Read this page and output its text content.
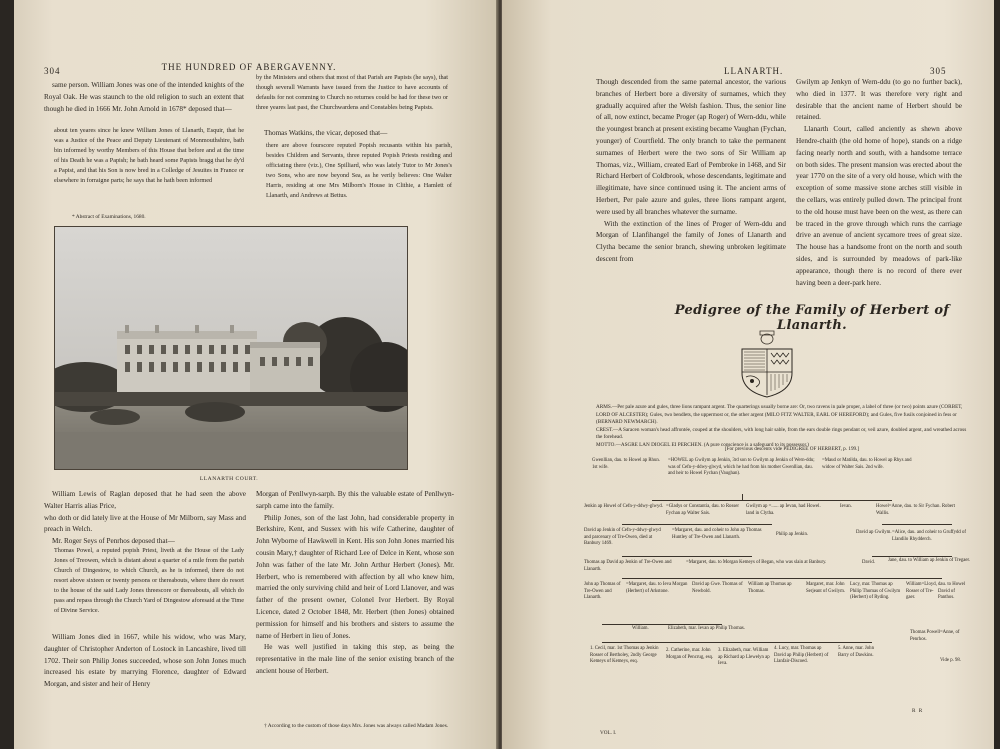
304	THE HUNDRED OF ABERGAVENNY.

same person. William Jones was one of the intended knights of the Royal Oak. He was staunch to the old religion to such an extent that though he died in 1666 Mr. John Arnold in 1678* deposed that—

about ten yeares since he knew William Jones of Llanarth, Esquir, that he was a Justice of the Peace and Deputy Lieutenant of Monmouthshire, bath bin informed by worthy Members of this House that before and at the time of his Death he was a Papish; he bath heard some Papists bragg that he dy'd a Papist, and that his Son is now bred in a Colledge of Jesuites in France or elsewhere in forraigne parts; he says that he hath been informed
* Abstract of Examinations, 1680.
by the Ministers and others that most of that Parish are Papists (he says), that though severall Warrants have issued from the Justice to have accounts of defaults for not comming to Church no returnes could be had for these two or three yeares last past, the Churchwardens and Constables being Papists.

Thomas Watkins, the vicar, deposed that—

there are above fourscore reputed Popish recusants within his parish, besides Children and Servants, three reputed Popish Priests residing and officiating there (viz.), One Spilliard, who was lately Tutor to Mr Jones's two Sons, who are now beyond Sea, as he verily believes: One Walter Harris, residing at one Mrs Milborn's House in Clithie, a Hamlett of Llanarth, and Andrews at Bettus.
LLANARTH COURT.

William Lewis of Raglan deposed that he had seen the above Walter Harris alias Price,

who doth or did lately live at the House of Mr Milborn, say Mass and preach in Welch.

Mr. Roger Seys of Penrhos deposed that—

Thomas Powel, a reputed popish Priest, liveth at the House of the Lady Jones of Treowen, which is distant about a quarter of a mile from the parish Church of Dingestow, to which Church, as he is informed, there do not resort above sixteen or twenty persons or thereabouts, where there do resort to the house of the said Lady Jones threescore or thereabouts, all which do pass and repass through the Church Yard of Dingestow aforesaid at the Time of Divine Service.

William Jones died in 1667, while his widow, who was Mary, daughter of Christopher Anderton of Lostock in Lancashire, lived till 1702. Their son Philip Jones succeeded, whose son John Jones much increased his estate by marrying Florence, daughter of Edward Morgan, and sister and heir of Henry

Morgan of Penllwyn-sarph. By this the valuable estate of Penllwyn-sarph came into the family.

Philip Jones, son of the last John, had considerable property in Berkshire, Kent, and Sussex with his wife Catherine, daughter of John Wyborne of Hawkwell in Kent. His son John Jones married his cousin Mary,† daughter of Richard Lee of Delce in Kent, whose son John was father of the late Mr. John Arthur Herbert (Jones). Mr. Herbert, who is remembered with affection by all who knew him, married the only surviving child and heir of Lord Llanover, and was father of the present owner, Colonel Ivor Herbert. By Royal Licence, dated 2 October 1848, Mr. Herbert (then Jones) obtained permission for himself and his brothers and sisters to assume the name of Herbert in lieu of Jones.

He was well justified in taking this step, as being the representative in the male line of the senior existing branch of the ancient house of Herbert.

† According to the custom of those days Mrs. Jones was always called Madam Jones.
LLANARTH.	305

Though descended from the same paternal ancestor, the various branches of Herbert bore a diversity of surnames, which they gradually acquired after the Welsh fashion. Thus, the senior line of all, now extinct, became Proger (ap Roger) of Wern-ddu, while the youngest branch at present existing became Vaughan (Fychan, younger) of Courtfield. The only branch to take the permanent surnames of Herbert were the two sons of Sir William ap Thomas, viz., William, created Earl of Pembroke in 1468, and Sir Richard Herbert of Coldbrook, whose descendants, legitimate and illegitimate, have since continued using it. The ancient arms of Herbert, Per pale azure and gules, three lions rampant argent, were used by all branches whatever the surname.

With the extinction of the lines of Proger of Wern-ddu and Morgan of Llanfihangel the family of Jones of Llanarth and Clytha became the senior branch, shewing unbroken legitimate descent from

Gwilym ap Jenkyn of Wern-ddu (to go no further back), who died in 1377. It was therefore very right and desirable that the ancient name of Herbert should be retained.

Llanarth Court, called anciently as shewn above Hendre-chaith (the old home of hope), stands on a ridge facing nearly north and south, with a handsome terrace on both sides. The present mansion was erected about the year 1770 on the site of a very old house, which with the exception of some massive stone arches still visible in the cellars, was entirely pulled down. The principal front to the old house must have been on the west, as there can be traced in the grove through which runs the carriage drive an avenue of ancient sycamore trees of great size. The house has a handsome front on the north and south sides, and is surrounded by meadows of park-like appearance, though there is no record of there ever having been a deer-park here.

Pedigree of the Family of Herbert of Llanarth.
ARMS.—Per pale azure and gules, three lions rampant argent. The quarterings usually borne are: Or, two ravens in pale proper, a label of three (or two) points azure (CORBET, LORD OF ALCESTER); Gules, two bendlets, the uppermost or, the other argent (MILO FITZ WALTER, EARL OF HEREFORD); and Gules, five fusils conjoined in fess or (BERNARD NEWMARCH).
CREST.—A Saracen woman's head affrontée, couped at the shoulders, with long hair sable, from the ears double rings pendant or, veil azure, doubled argent, and wreathed across the forehead.
MOTTO.—ASGRE LAN DIOGEL EI PERCHEN. (A pure conscience is a safeguard to its possessor.)
[For previous descents vide PEDIGREE OF HERBERT, p. 199.]
Gwenllian, dau. to Howel ap Rhun. 1st wife.
=HOWEL ap Gwilym ap Jenkin, 3rd son to Gwilym ap Jenkin of Wern-ddu; was of Cefn-y-ddwy-glwyd, which he had from his mother Gwenllian, dau. and heir to Howel Fychan (Vaughan).
=Maud or Matilda, dau. to Howel ap Rhys and widow of Walter Sais. 2nd wife.
Jenkin ap Howel of Cefn-y-ddwy-glwyd. =Gladys or Constantia, dau. to Rosser Fychan ap Walter Sais.
Gwilym ap =...... ap Ievan, had Howel. land in Clytha.
Ievan.	Howel=Anne, dau. to Sir Fychan. Robert Wallis.
David ap Jenkin of Cefn-y-ddwy-glwyd and parcenary of Tre-Owen, died at Banbury 1469.
=Margaret, dau. and coheir to John ap Thomas Huntley of Tre-Owen and Llanarth.
Philip ap Jenkin.	David ap Gwilym. =Alice, dau. and coheir to Gruffydd of Llandilo Rhydderch.
Thomas ap David ap Jenkin of Tre-Owen and Llanarth.
=Margaret, dau. to Morgan Kemeys of Began, who was slain at Banbury.	David.	Jane, dau. to William ap Jenkin of Tregaer.
John ap Thomas of Tre-Owen and Llanarth.
=Margaret, dau. to Ieva Morgan (Herbert) of Arkstone.
David ap Gwe. Thomas of Newbold.
William ap Thomas ap Thomas.
Margaret, mar. John Serjeant of Gwilym.
Lucy, mar. Thomas ap Philip Thomas of Gwilym (Herbert) of Ryding.
William=Lloyd, Rosser of Tre-gaer.
dau. to Howel David of Panthos.
William.	Elizabeth, mar. Ievan ap Philip Thomas.
Thomas Powell=Anne, of Penrhos.
1. Cecil, mar. 1st Thomas ap Jenkin Rosser of Bertholey, 2ndly George Kemeys of Kemeys, esq.
2. Catherine, mar. John Morgan of Pencrug, esq.
3. Elizabeth, mar. William ap Richard ap Llewelyn ap Ieva.
4. Lucy, mar. Thomas ap David ap Philip (Herbert) of Llanfair-Discoed.
5. Anne, mar. John Barry of Dawkins.
Vide p. 98.
VOL. I.
R R
